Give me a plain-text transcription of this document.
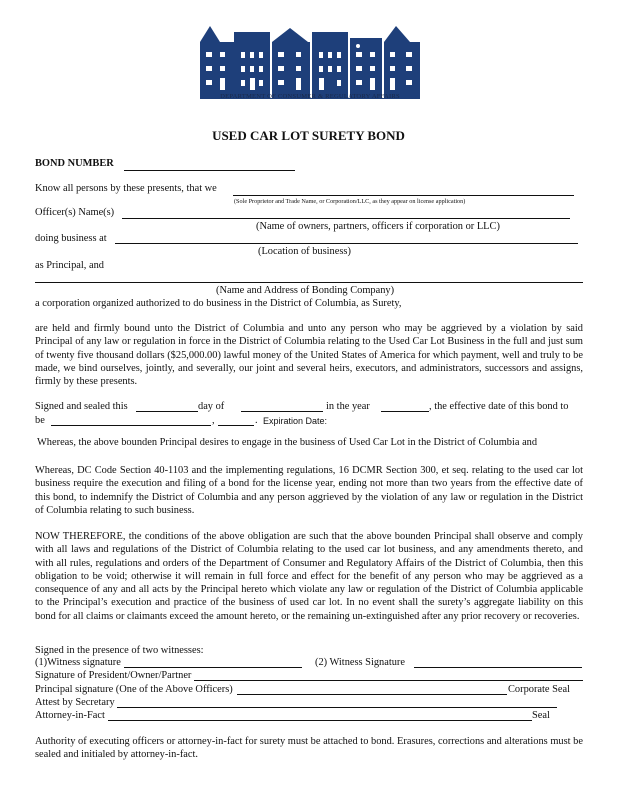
DEPARTMENT OF CONSUMER & REGULATORY AFFAIRS
USED CAR LOT SURETY BOND
BOND NUMBER
Know all persons by these presents, that we
(Sole Proprietor and Trade Name, or Corporation/LLC, as they appear on license application)
Officer(s) Name(s)
(Name of owners, partners, officers if corporation or LLC)
doing business at
(Location of business)
as Principal, and
(Name and Address of Bonding Company)
a corporation organized authorized to do business in the District of Columbia, as Surety,
are held and firmly bound unto the District of Columbia and unto any person who may be aggrieved by a violation by said Principal of any law or regulation in force in the District of Columbia relating to the Used Car Lot Business in the full and just sum of twenty five thousand dollars ($25,000.00) lawful money of the United States of America for which payment, well and truly to be made, we bind ourselves, jointly, and severally, our joint and several heirs, executors, and administrators, successors and assigns, firmly by these presents.
Signed and sealed this	day of	in the year	, the effective date of this bond to
be	,	. Expiration Date:
Whereas, the above bounden Principal desires to engage in the business of Used Car Lot in the District of Columbia and
Whereas, DC Code Section 40-1103 and the implementing regulations, 16 DCMR Section 300, et seq. relating to the used car lot business require the execution and filing of a bond for the license year, ending not more than two years from the effective date of this bond, to indemnify the District of Columbia and any person aggrieved by the violation of any law or regulation in the District of Columbia relating to such business.
NOW THEREFORE, the conditions of the above obligation are such that the above bounden Principal shall observe and comply with all laws and regulations of the District of Columbia relating to the used car lot business, and any amendments thereto, and with all rules, regulations and orders of the Department of Consumer and Regulatory Affairs of the District of Columbia, then this obligation to be void; otherwise it will remain in full force and effect for the benefit of any person who may be aggrieved as a consequence of any and all acts by the Principal hereto which violate any law or regulation of the District of Columbia applicable to the Principal’s execution and practice of the business of used car lot. In no event shall the surety’s aggregate liability on this bond for all claims or claimants exceed the amount hereto, or the remaining un-extinguished after any prior recovery or recoveries.
Signed in the presence of two witnesses:
(1)Witness signature	(2) Witness Signature
Signature of President/Owner/Partner
Principal signature (One of the Above Officers)	Corporate Seal
Attest by Secretary
Attorney-in-Fact	Seal
Authority of executing officers or attorney-in-fact for surety must be attached to bond. Erasures, corrections and alterations must be sealed and initialed by attorney-in-fact.
